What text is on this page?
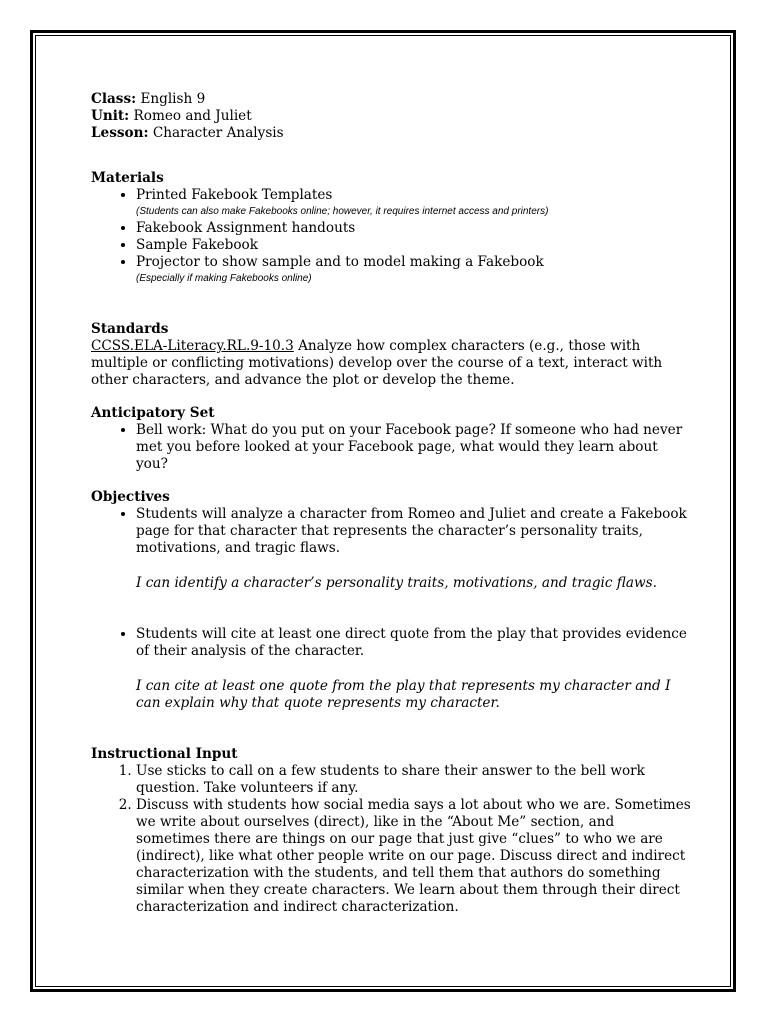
Class: English 9

Unit: Romeo and Juliet

Lesson: Character Analysis

Materials

• Printed Fakebook Templates
(Students can also make Fakebooks online; however, it requires internet access and printers)
• Fakebook Assignment handouts
• Sample Fakebook
• Projector to show sample and to model making a Fakebook
(Especially if making Fakebooks online)

Standards

CCSS.ELA-Literacy.RL.9-10.3 Analyze how complex characters (e.g., those with multiple or conflicting motivations) develop over the course of a text, interact with other characters, and advance the plot or develop the theme.

Anticipatory Set

• Bell work: What do you put on your Facebook page? If someone who had never met you before looked at your Facebook page, what would they learn about you?

Objectives

• Students will analyze a character from Romeo and Juliet and create a Fakebook page for that character that represents the character’s personality traits, motivations, and tragic flaws.
I can identify a character’s personality traits, motivations, and tragic flaws.
• Students will cite at least one direct quote from the play that provides evidence of their analysis of the character.
I can cite at least one quote from the play that represents my character and I can explain why that quote represents my character.

Instructional Input

1. Use sticks to call on a few students to share their answer to the bell work question. Take volunteers if any.
2. Discuss with students how social media says a lot about who we are. Sometimes we write about ourselves (direct), like in the “About Me” section, and sometimes there are things on our page that just give “clues” to who we are (indirect), like what other people write on our page. Discuss direct and indirect characterization with the students, and tell them that authors do something similar when they create characters. We learn about them through their direct characterization and indirect characterization.
